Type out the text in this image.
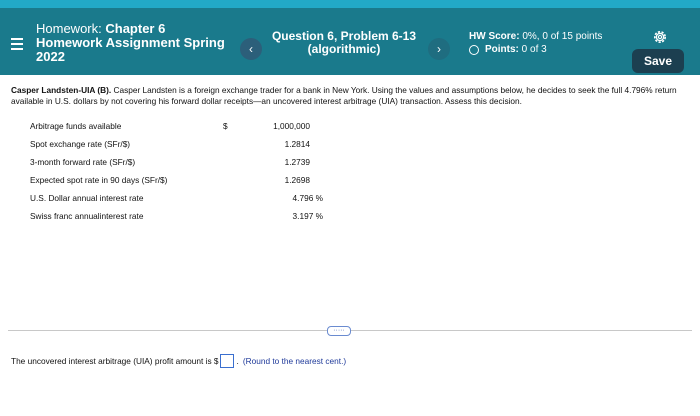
Homework: Chapter 6
Homework Assignment Spring
2022	‹
Question 6, Problem 6-13
(algorithmic)	›
HW Score: 0%, 0 of 15 points
Points:
0 of 3
Save
Casper Landsten-UIA (B). Casper Landsten is a foreign exchange trader for a bank in New York. Using the values and assumptions below, he decides to seek the full 4.796% return available in U.S. dollars by not covering his forward dollar receipts—an uncovered interest arbitrage (UIA) transaction. Assess this decision.
Arbitrage funds available	$	1,000,000
Spot exchange rate (SFr/$)	1.2814
3-month forward rate (SFr/$)	1.2739
Expected spot rate in 90 days (SFr/$)	1.2698
U.S. Dollar annual interest rate	4.796 %
Swiss franc annualinterest rate	3.197 %
·····
The uncovered interest arbitrage (UIA) profit amount is $ . (Round to the nearest cent.)
